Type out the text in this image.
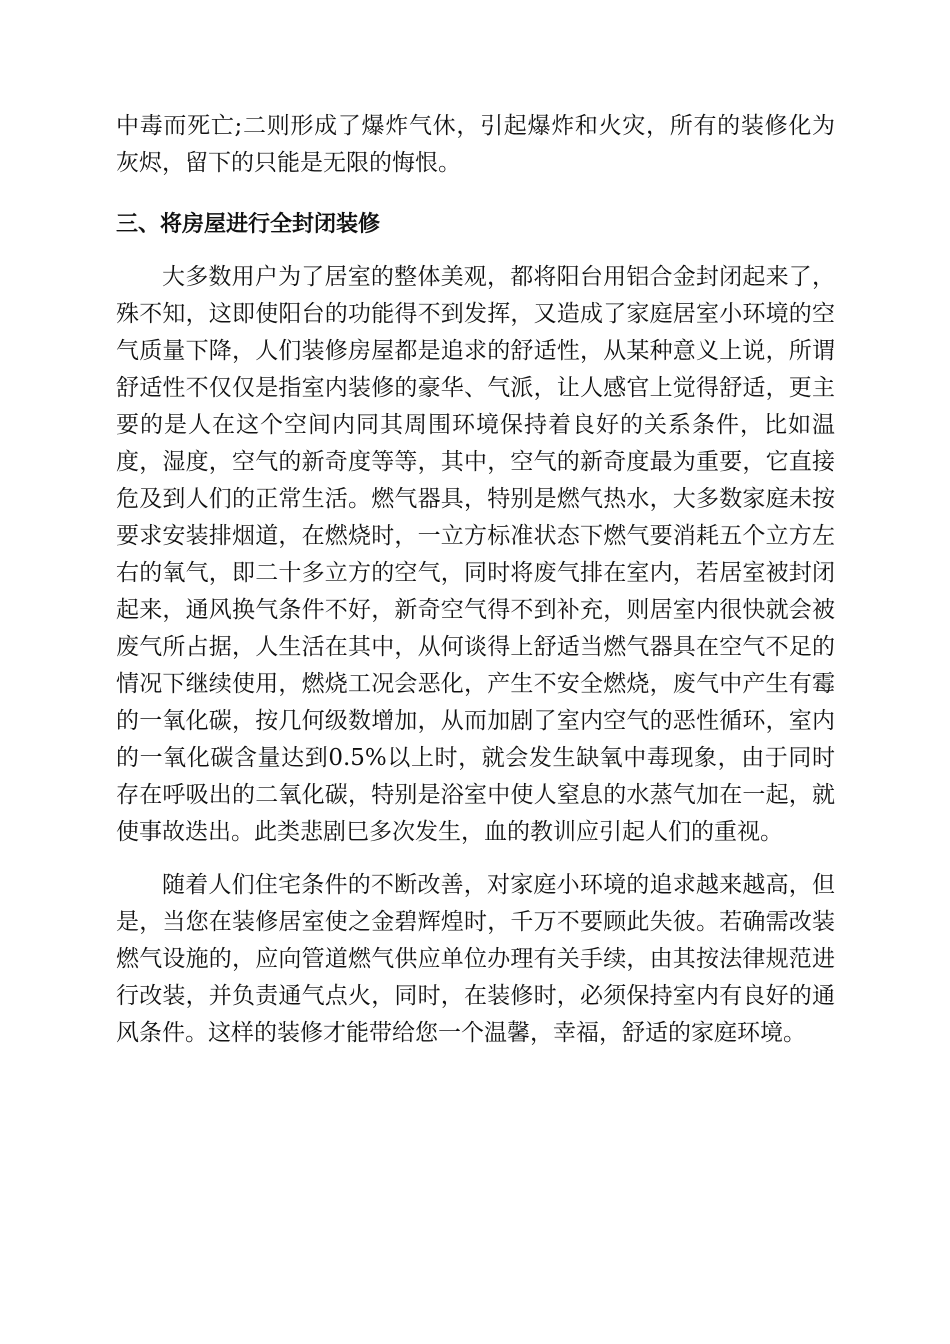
中毒而死亡;二则形成了爆炸气休，引起爆炸和火灾，所有的装修化为灰烬，留下的只能是无限的悔恨。

三、将房屋进行全封闭装修

大多数用户为了居室的整体美观，都将阳台用铝合金封闭起来了，殊不知，这即使阳台的功能得不到发挥，又造成了家庭居室小环境的空气质量下降，人们装修房屋都是追求的舒适性，从某种意义上说，所谓舒适性不仅仅是指室内装修的豪华、气派，让人感官上觉得舒适，更主要的是人在这个空间内同其周围环境保持着良好的关系条件，比如温度，湿度，空气的新奇度等等，其中，空气的新奇度最为重要，它直接危及到人们的正常生活。燃气器具，特别是燃气热水，大多数家庭未按要求安装排烟道，在燃烧时，一立方标准状态下燃气要消耗五个立方左右的氧气，即二十多立方的空气，同时将废气排在室内，若居室被封闭起来，通风换气条件不好，新奇空气得不到补充，则居室内很快就会被废气所占据，人生活在其中，从何谈得上舒适当燃气器具在空气不足的情况下继续使用，燃烧工况会恶化，产生不安全燃烧，废气中产生有霉的一氧化碳，按几何级数增加，从而加剧了室内空气的恶性循环，室内的一氧化碳含量达到0.5%以上时，就会发生缺氧中毒现象，由于同时存在呼吸出的二氧化碳，特别是浴室中使人窒息的水蒸气加在一起，就使事故迭出。此类悲剧巳多次发生，血的教训应引起人们的重视。

随着人们住宅条件的不断改善，对家庭小环境的追求越来越高，但是，当您在装修居室使之金碧辉煌时，千万不要顾此失彼。若确需改装燃气设施的，应向管道燃气供应单位办理有关手续，由其按法律规范进行改装，并负责通气点火，同时，在装修时，必须保持室内有良好的通风条件。这样的装修才能带给您一个温馨，幸福，舒适的家庭环境。
